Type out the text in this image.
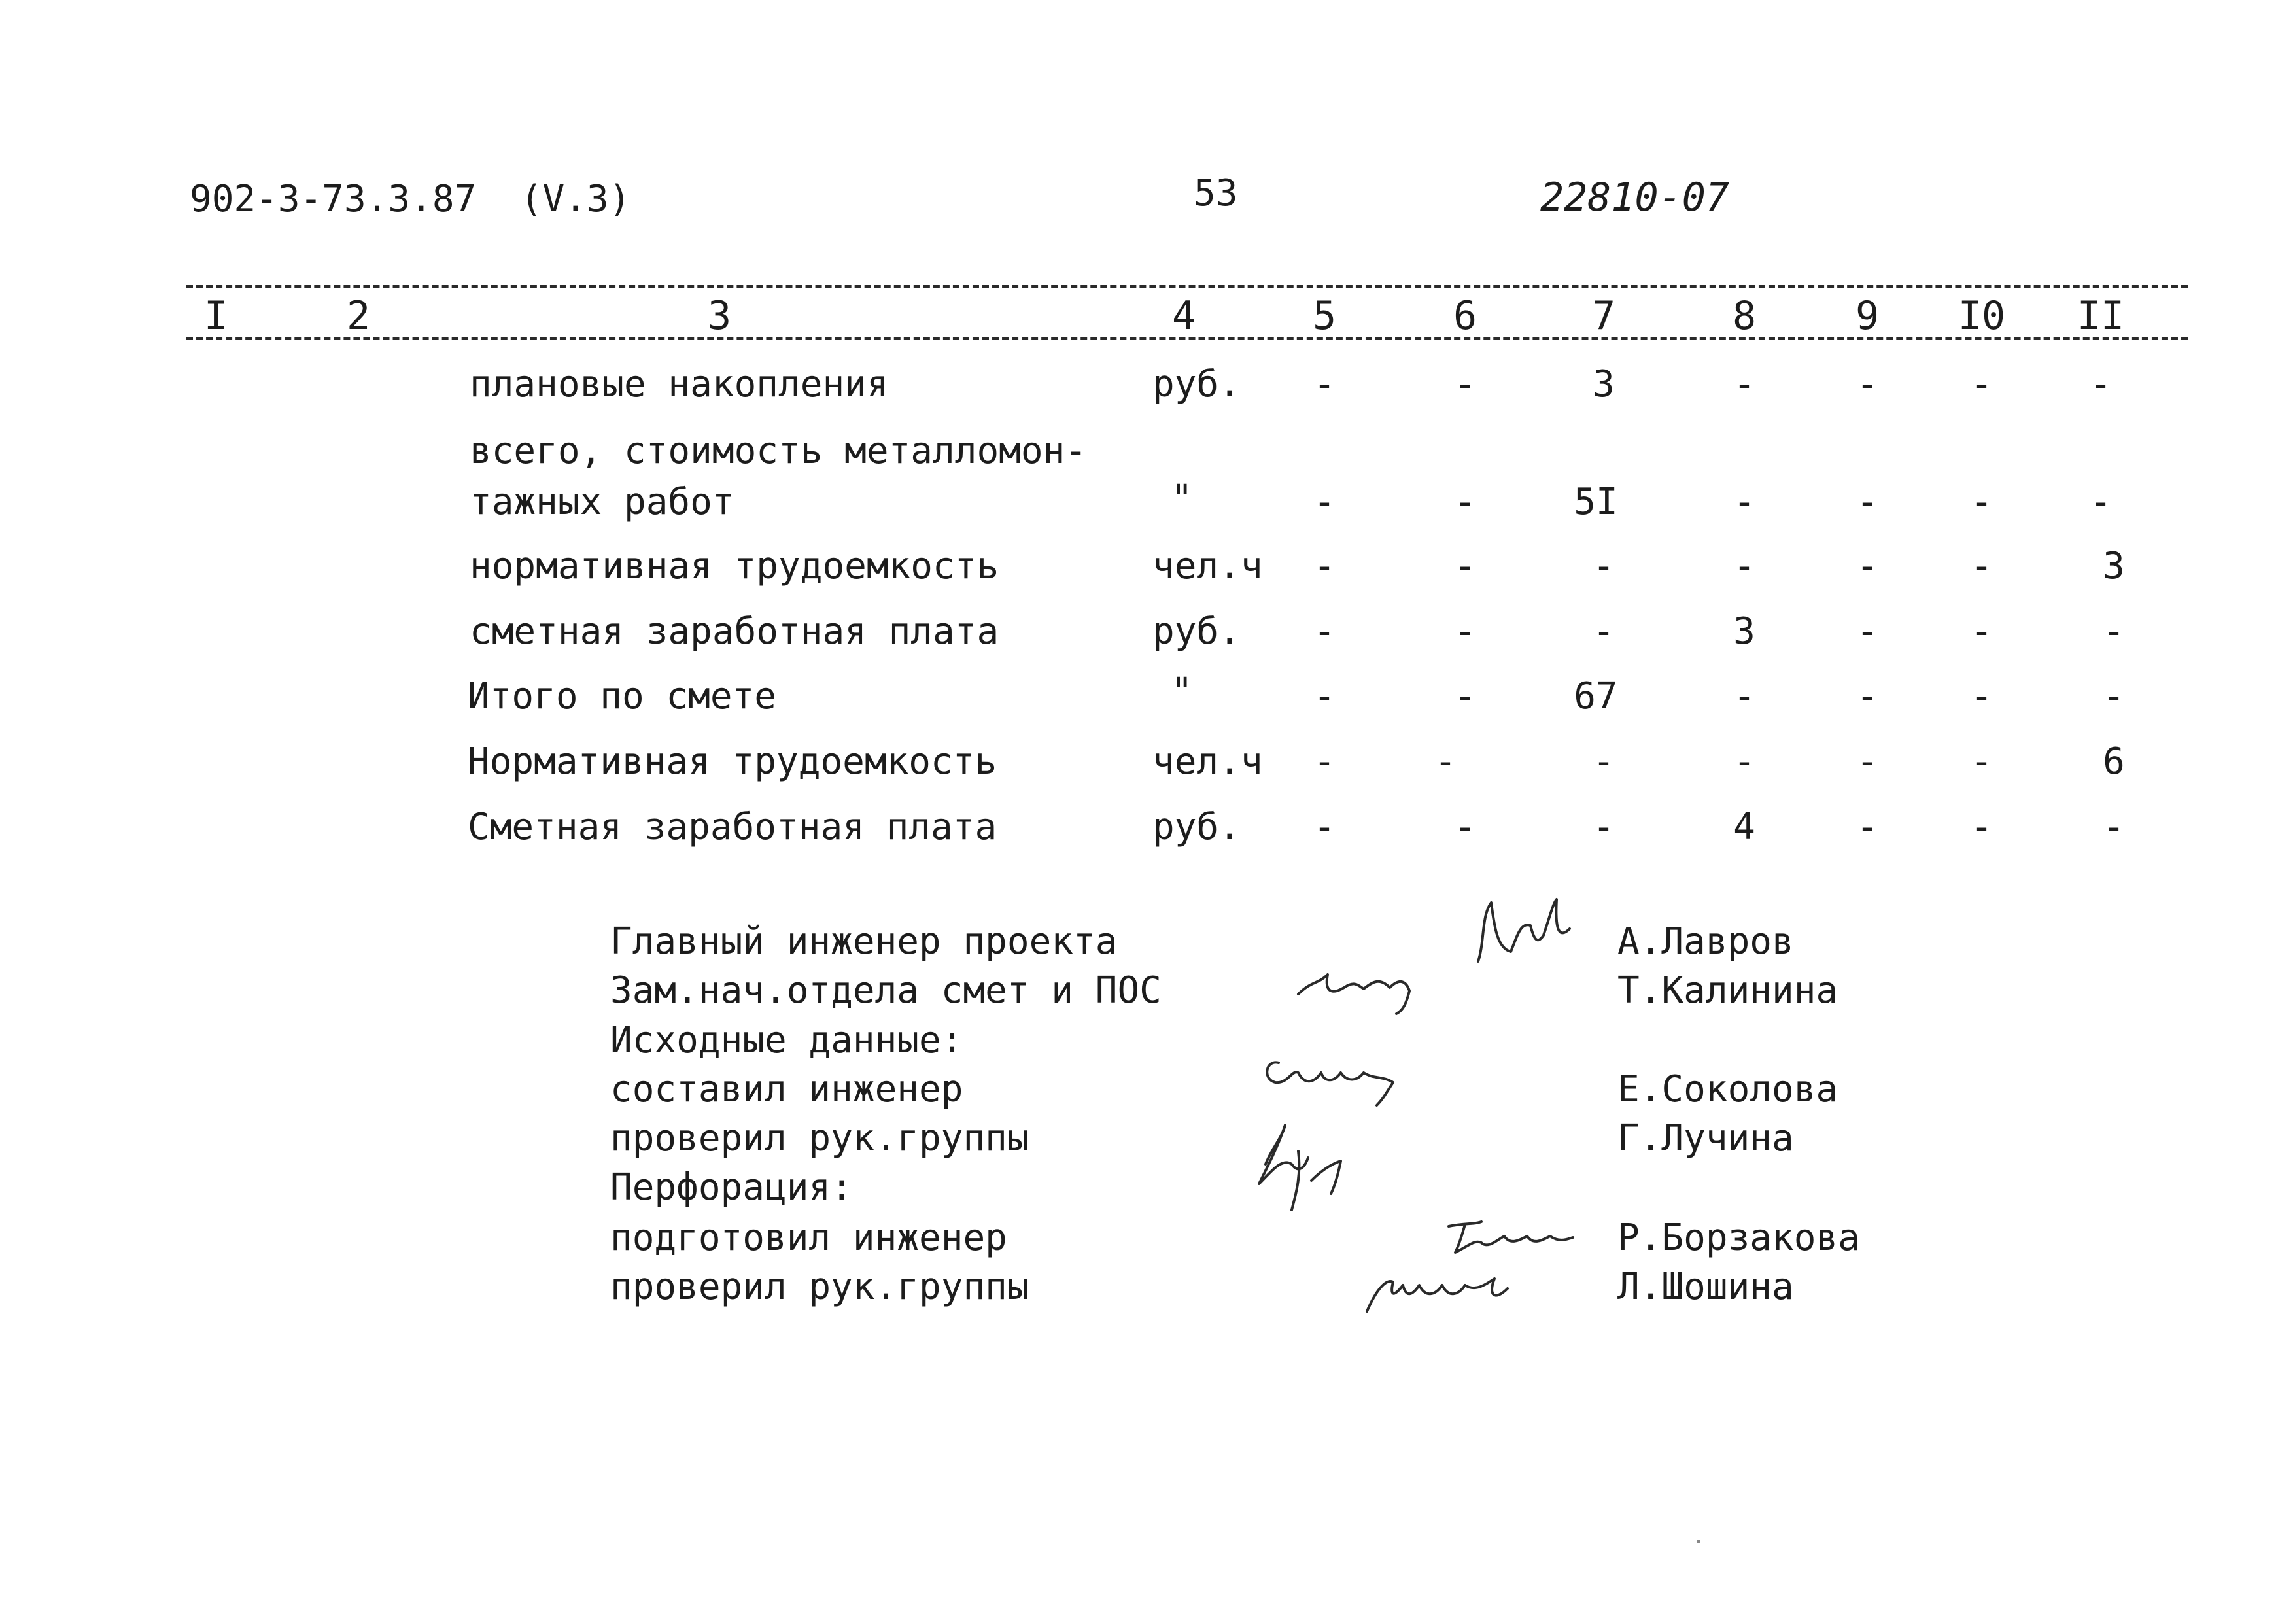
902-3-73.3.87  (V.3)	53	22810-07
I	2	3	4	5	6	7	8	9 I0 II
плановые накопления	руб. -	-	3	-	-	-	-
всего, стоимость металломон-
тажных работ	"	-	-	5I	-	-	-	-
нормативная трудоемкость	чел.ч -	-	-	-	-	-	3
сметная заработная плата	руб. -	-	-	3	-	-	-
Итого по смете	"	-	-	67	-	-	-	-
Нормативная трудоемкость	чел.ч -	-	-	-	-	-	6
Сметная заработная плата	руб. -	-	-	4	-	-	-
Главный инженер проекта
Зам.нач.отдела смет и ПОС
Исходные данные:
составил инженер
проверил рук.группы
Перфорация:
подготовил инженер
проверил рук.группы
А.Лавров
Т.Калинина
Е.Соколова
Г.Лучина
Р.Борзакова
Л.Шошина
